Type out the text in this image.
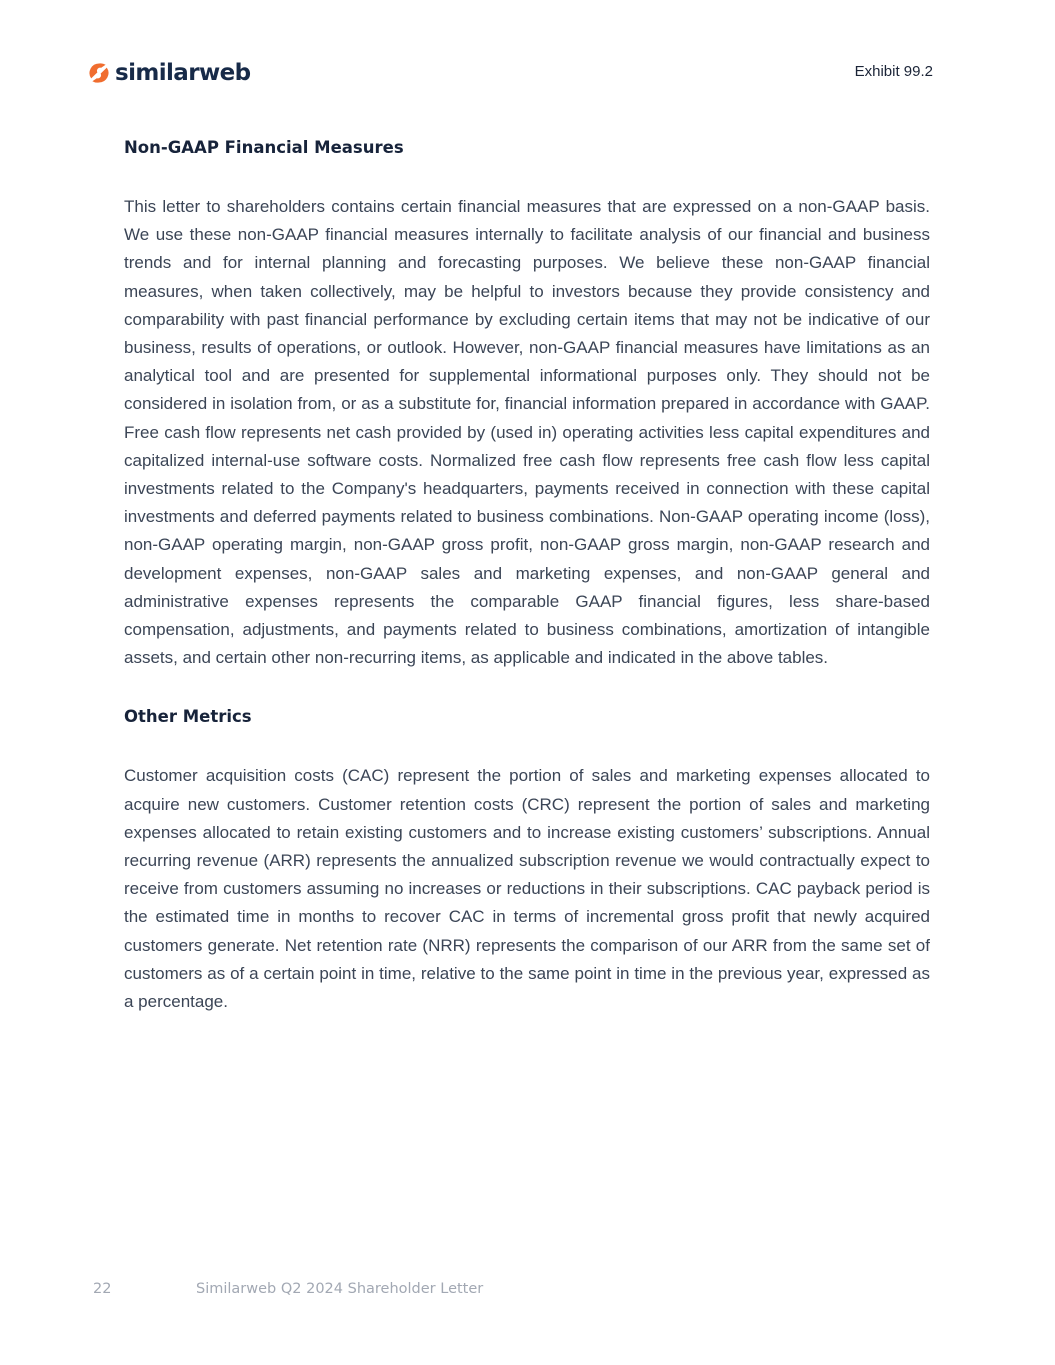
similarweb	Exhibit 99.2
Non-GAAP Financial Measures

This letter to shareholders contains certain financial measures that are expressed on a non-GAAP basis. We use these non-GAAP financial measures internally to facilitate analysis of our financial and business trends and for internal planning and forecasting purposes. We believe these non-GAAP financial measures, when taken collectively, may be helpful to investors because they provide consistency and comparability with past financial performance by excluding certain items that may not be indicative of our business, results of operations, or outlook. However, non-GAAP financial measures have limitations as an analytical tool and are presented for supplemental informational purposes only. They should not be considered in isolation from, or as a substitute for, financial information prepared in accordance with GAAP. Free cash flow represents net cash provided by (used in) operating activities less capital expenditures and capitalized internal-use software costs. Normalized free cash flow represents free cash flow less capital investments related to the Company's headquarters, payments received in connection with these capital investments and deferred payments related to business combinations. Non-GAAP operating income (loss), non-GAAP operating margin, non-GAAP gross profit, non-GAAP gross margin, non-GAAP research and development expenses, non-GAAP sales and marketing expenses, and non-GAAP general and administrative expenses represents the comparable GAAP financial figures, less share-based compensation, adjustments, and payments related to business combinations, amortization of intangible assets, and certain other non-recurring items, as applicable and indicated in the above tables.

Other Metrics

Customer acquisition costs (CAC) represent the portion of sales and marketing expenses allocated to acquire new customers. Customer retention costs (CRC) represent the portion of sales and marketing expenses allocated to retain existing customers and to increase existing customers’ subscriptions. Annual recurring revenue (ARR) represents the annualized subscription revenue we would contractually expect to receive from customers assuming no increases or reductions in their subscriptions. CAC payback period is the estimated time in months to recover CAC in terms of incremental gross profit that newly acquired customers generate. Net retention rate (NRR) represents the comparison of our ARR from the same set of customers as of a certain point in time, relative to the same point in time in the previous year, expressed as a percentage.

22	Similarweb Q2 2024 Shareholder Letter
